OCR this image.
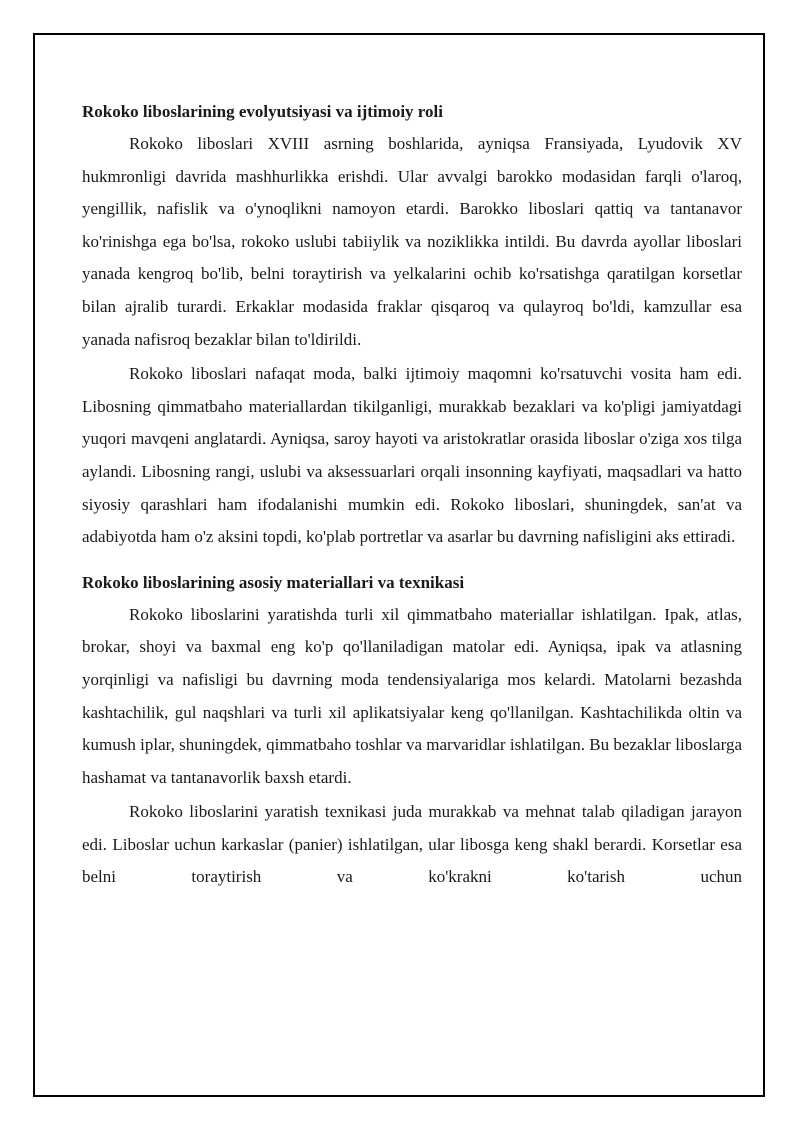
Rokoko liboslarining evolyutsiyasi va ijtimoiy roli

Rokoko liboslari XVIII asrning boshlarida, ayniqsa Fransiyada, Lyudovik XV hukmronligi davrida mashhurlikka erishdi. Ular avvalgi barokko modasidan farqli o'laroq, yengillik, nafislik va o'ynoqlikni namoyon etardi. Barokko liboslari qattiq va tantanavor ko'rinishga ega bo'lsa, rokoko uslubi tabiiylik va noziklikka intildi. Bu davrda ayollar liboslari yanada kengroq bo'lib, belni toraytirish va yelkalarini ochib ko'rsatishga qaratilgan korsetlar bilan ajralib turardi. Erkaklar modasida fraklar qisqaroq va qulayroq bo'ldi, kamzullar esa yanada nafisroq bezaklar bilan to'ldirildi.

Rokoko liboslari nafaqat moda, balki ijtimoiy maqomni ko'rsatuvchi vosita ham edi. Libosning qimmatbaho materiallardan tikilganligi, murakkab bezaklari va ko'pligi jamiyatdagi yuqori mavqeni anglatardi. Ayniqsa, saroy hayoti va aristokratlar orasida liboslar o'ziga xos tilga aylandi. Libosning rangi, uslubi va aksessuarlari orqali insonning kayfiyati, maqsadlari va hatto siyosiy qarashlari ham ifodalanishi mumkin edi. Rokoko liboslari, shuningdek, san'at va adabiyotda ham o'z aksini topdi, ko'plab portretlar va asarlar bu davrning nafisligini aks ettiradi.

Rokoko liboslarining asosiy materiallari va texnikasi

Rokoko liboslarini yaratishda turli xil qimmatbaho materiallar ishlatilgan. Ipak, atlas, brokar, shoyi va baxmal eng ko'p qo'llaniladigan matolar edi. Ayniqsa, ipak va atlasning yorqinligi va nafisligi bu davrning moda tendensiyalariga mos kelardi. Matolarni bezashda kashtachilik, gul naqshlari va turli xil aplikatsiyalar keng qo'llanilgan. Kashtachilikda oltin va kumush iplar, shuningdek, qimmatbaho toshlar va marvaridlar ishlatilgan. Bu bezaklar liboslarga hashamat va tantanavorlik baxsh etardi.

Rokoko liboslarini yaratish texnikasi juda murakkab va mehnat talab qiladigan jarayon edi. Liboslar uchun karkaslar (panier) ishlatilgan, ular libosga keng shakl berardi. Korsetlar esa belni toraytirish va ko'krakni ko'tarish uchun
